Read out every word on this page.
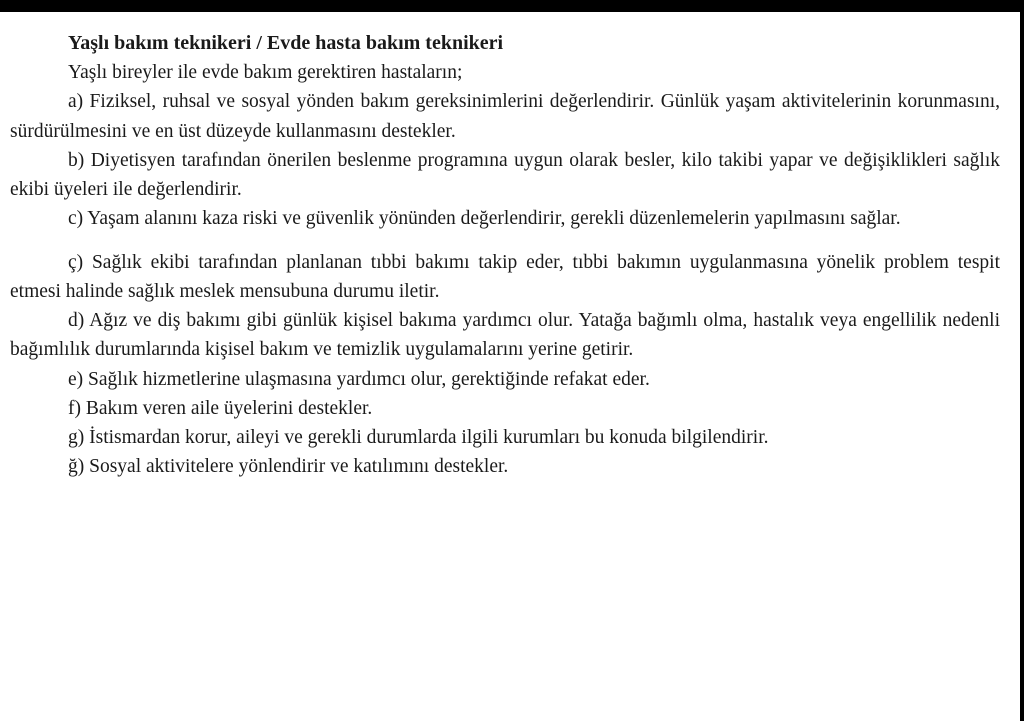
Yaşlı bakım teknikeri / Evde hasta bakım teknikeri

Yaşlı bireyler ile evde bakım gerektiren hastaların;

a) Fiziksel, ruhsal ve sosyal yönden bakım gereksinimlerini değerlendirir. Günlük yaşam aktivitelerinin korunmasını, sürdürülmesini ve en üst düzeyde kullanmasını destekler.

b) Diyetisyen tarafından önerilen beslenme programına uygun olarak besler, kilo takibi yapar ve değişiklikleri sağlık ekibi üyeleri ile değerlendirir.

c) Yaşam alanını kaza riski ve güvenlik yönünden değerlendirir, gerekli düzenlemelerin yapılmasını sağlar.

ç) Sağlık ekibi tarafından planlanan tıbbi bakımı takip eder, tıbbi bakımın uygulanmasına yönelik problem tespit etmesi halinde sağlık meslek mensubuna durumu iletir.

d) Ağız ve diş bakımı gibi günlük kişisel bakıma yardımcı olur. Yatağa bağımlı olma, hastalık veya engellilik nedenli bağımlılık durumlarında kişisel bakım ve temizlik uygulamalarını yerine getirir.

e) Sağlık hizmetlerine ulaşmasına yardımcı olur, gerektiğinde refakat eder.

f) Bakım veren aile üyelerini destekler.

g) İstismardan korur, aileyi ve gerekli durumlarda ilgili kurumları bu konuda bilgilendirir.

ğ) Sosyal aktivitelere yönlendirir ve katılımını destekler.
